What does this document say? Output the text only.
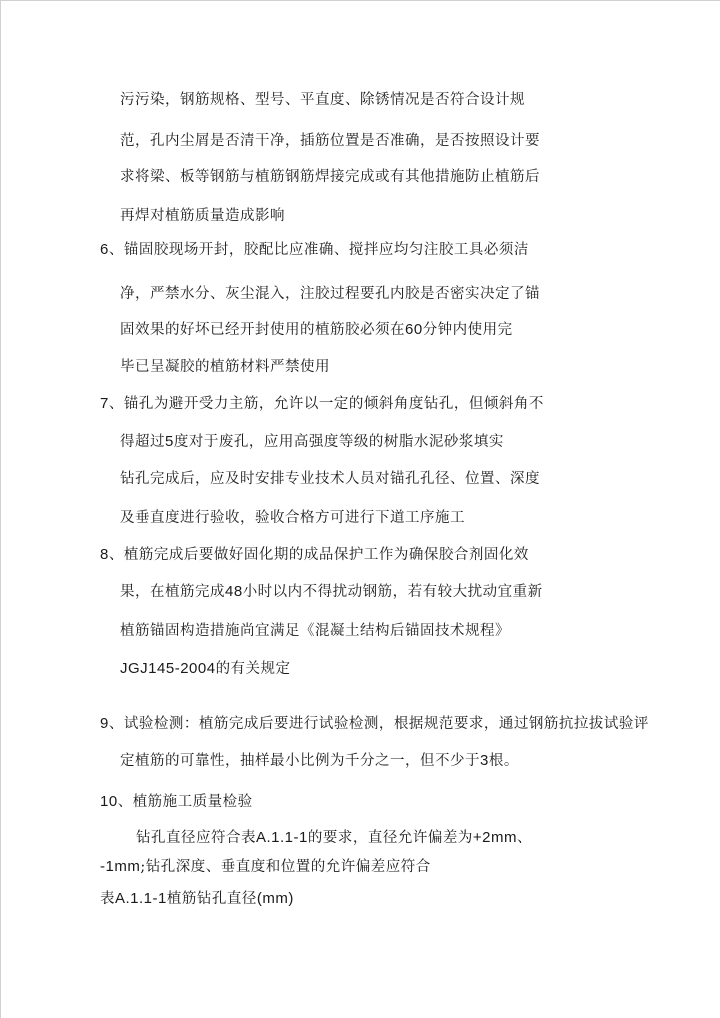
污污染，钢筋规格、型号、平直度、除锈情况是否符合设计规
范，孔内尘屑是否清干净，插筋位置是否准确，是否按照设计要
求将梁、板等钢筋与植筋钢筋焊接完成或有其他措施防止植筋后
再焊对植筋质量造成影响
6、锚固胶现场开封，胶配比应准确、搅拌应均匀注胶工具必须洁
净，严禁水分、灰尘混入，注胶过程要孔内胶是否密实决定了锚
固效果的好坏已经开封使用的植筋胶必须在60分钟内使用完
毕已呈凝胶的植筋材料严禁使用
7、锚孔为避开受力主筋，允许以一定的倾斜角度钻孔，但倾斜角不
得超过5度对于废孔，应用高强度等级的树脂水泥砂浆填实
钻孔完成后，应及时安排专业技术人员对锚孔孔径、位置、深度
及垂直度进行验收，验收合格方可进行下道工序施工
8、植筋完成后要做好固化期的成品保护工作为确保胶合剂固化效
果，在植筋完成48小时以内不得扰动钢筋，若有较大扰动宜重新
植筋锚固构造措施尚宜满足《混凝土结构后锚固技术规程》
JGJ145-2004的有关规定
9、试验检测：植筋完成后要进行试验检测，根据规范要求，通过钢筋抗拉拔试验评
定植筋的可靠性，抽样最小比例为千分之一，但不少于3根。
10、植筋施工质量检验
钻孔直径应符合表A.1.1-1的要求，直径允许偏差为+2mm、
-1mm;钻孔深度、垂直度和位置的允许偏差应符合
表A.1.1-1植筋钻孔直径(mm)
